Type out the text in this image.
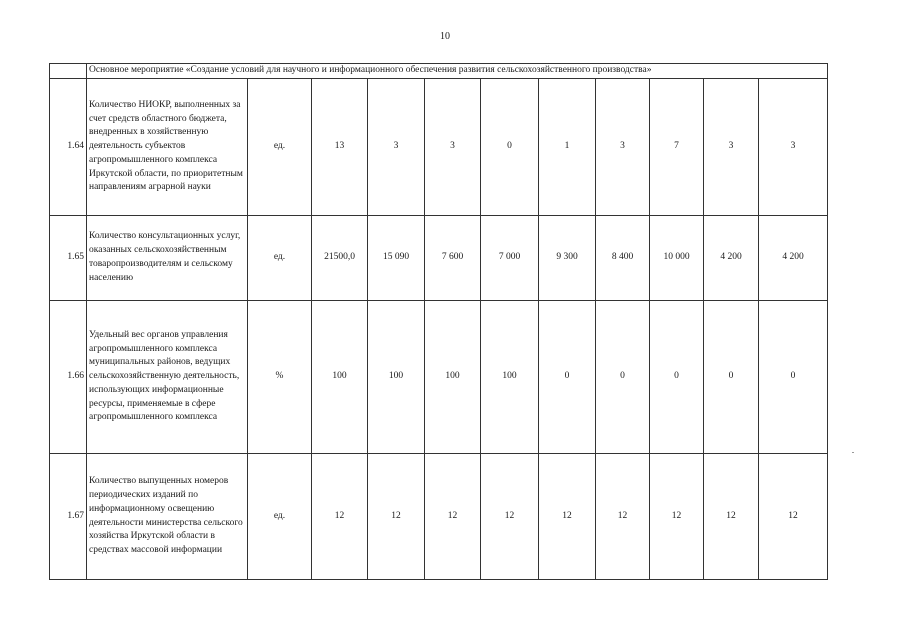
10
	Основное мероприятие «Создание условий для научного и информационного обеспечения развития сельскохозяйственного производства»										
1.64	Количество НИОКР, выполненных за счет средств областного бюджета, внедренных в хозяйственную деятельность субъектов агропромышленного комплекса Иркутской области, по приоритетным направлениям аграрной науки	ед.	13	3	3	0	1	3	7	3	3
1.65	Количество консультационных услуг, оказанных сельскохозяйственным товаропроизводителям и сельскому населению	ед.	21500,0	15 090	7 600	7 000	9 300	8 400	10 000	4 200	4 200
1.66	Удельный вес органов управления агропромышленного комплекса муниципальных районов, ведущих сельскохозяйственную деятельность, использующих информационные ресурсы, применяемые в сфере агропромышленного комплекса	%	100	100	100	100	0	0	0	0	0
1.67	Количество выпущенных номеров периодических изданий по информационному освещению деятельности министерства сельского хозяйства Иркутской области в средствах массовой информации	ед.	12	12	12	12	12	12	12	12	12
